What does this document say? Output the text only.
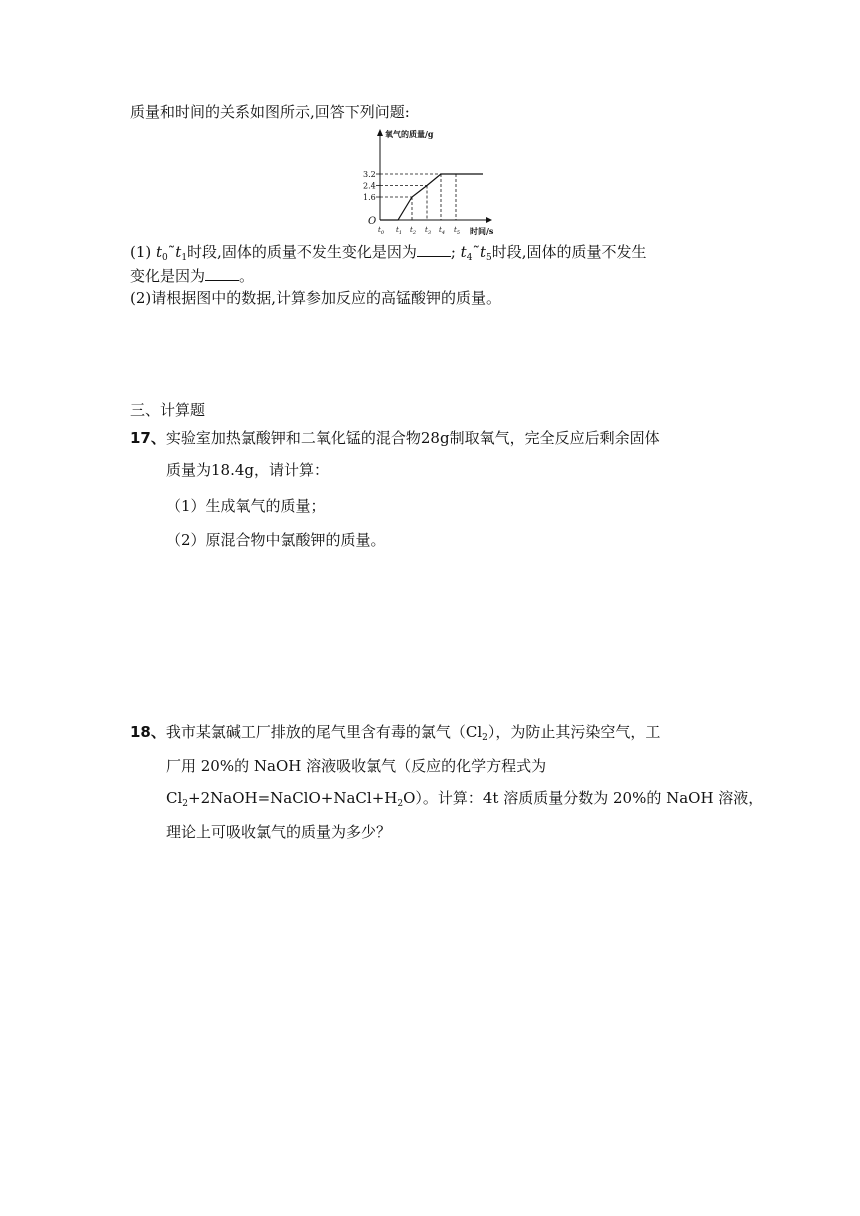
质量和时间的关系如图所示,回答下列问题:
氧气的质量/g
时间/s
O
1.6
2.4
3.2
$t_0$ $t_1$ $t_2$ $t_3$ $t_4$ $t_5$
(1) $t_0˜t_1$时段,固体的质量不发生变化是因为 ; $t_4˜t_5$时段,固体的质量不发生
变化是因为 。
(2)请根据图中的数据,计算参加反应的高锰酸钾的质量。
三、计算题
17、实验室加热氯酸钾和二氧化锰的混合物28g制取氧气，完全反应后剩余固体
质量为18.4g，请计算：
（1）生成氧气的质量；
（2）原混合物中氯酸钾的质量。
18、我市某氯碱工厂排放的尾气里含有毒的氯气$(Cl_2)$，为防止其污染空气，工
厂用 20%的 NaOH 溶液吸收氯气（反应的化学方程式为
$Cl_2+2NaOH=NaClO+NaCl+H_2O$）。计算：4t 溶质质量分数为 20%的 NaOH 溶液，
理论上可吸收氯气的质量为多少？
